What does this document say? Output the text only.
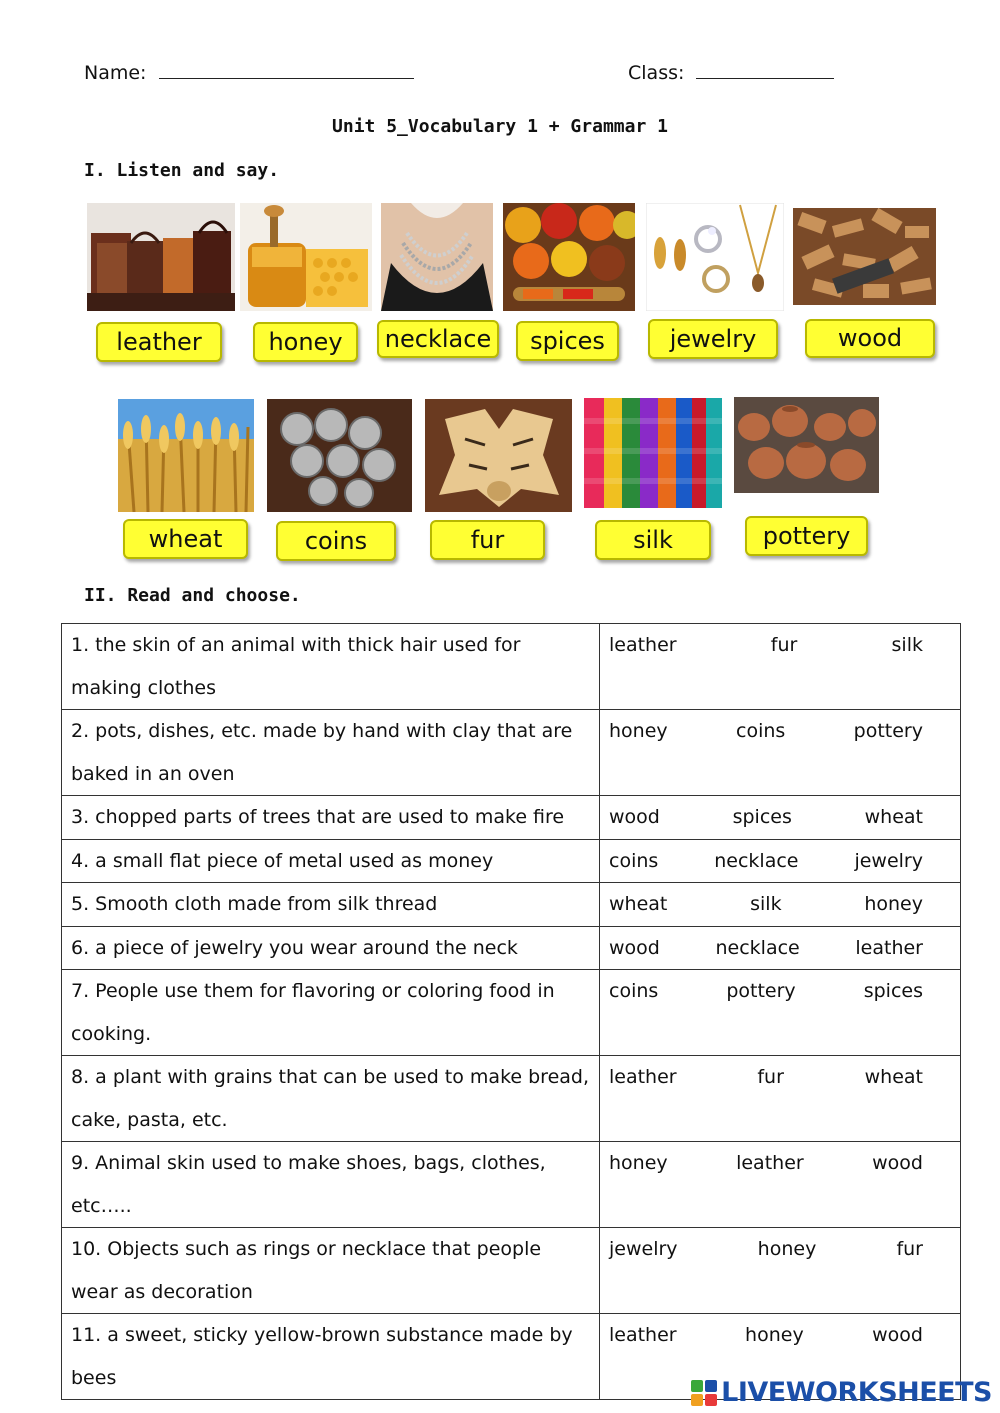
Name:	Class:
Unit 5_Vocabulary 1 + Grammar 1
I. Listen and say.
leather	honey	necklace	spices	jewelry	wood
wheat	coins	fur	silk	pottery
II. Read and choose.
1. the skin of an animal with thick hair used for making clothes	leather fur silk

2. pots, dishes, etc. made by hand with clay that are baked in an oven	honey coins pottery

3. chopped parts of trees that are used to make fire	wood spices wheat

4. a small flat piece of metal used as money	coins necklace jewelry

5. Smooth cloth made from silk thread	wheat silk honey

6. a piece of jewelry you wear around the neck	wood necklace leather

7. People use them for flavoring or coloring food in cooking.	coins pottery spices

8. a plant with grains that can be used to make bread, cake, pasta, etc.	leather fur wheat

9. Animal skin used to make shoes, bags, clothes, etc…..	honey leather wood

10. Objects such as rings or necklace that people wear as decoration	jewelry honey fur

11. a sweet, sticky yellow-brown substance made by bees	leather honey wood
LIVEWORKSHEETS
